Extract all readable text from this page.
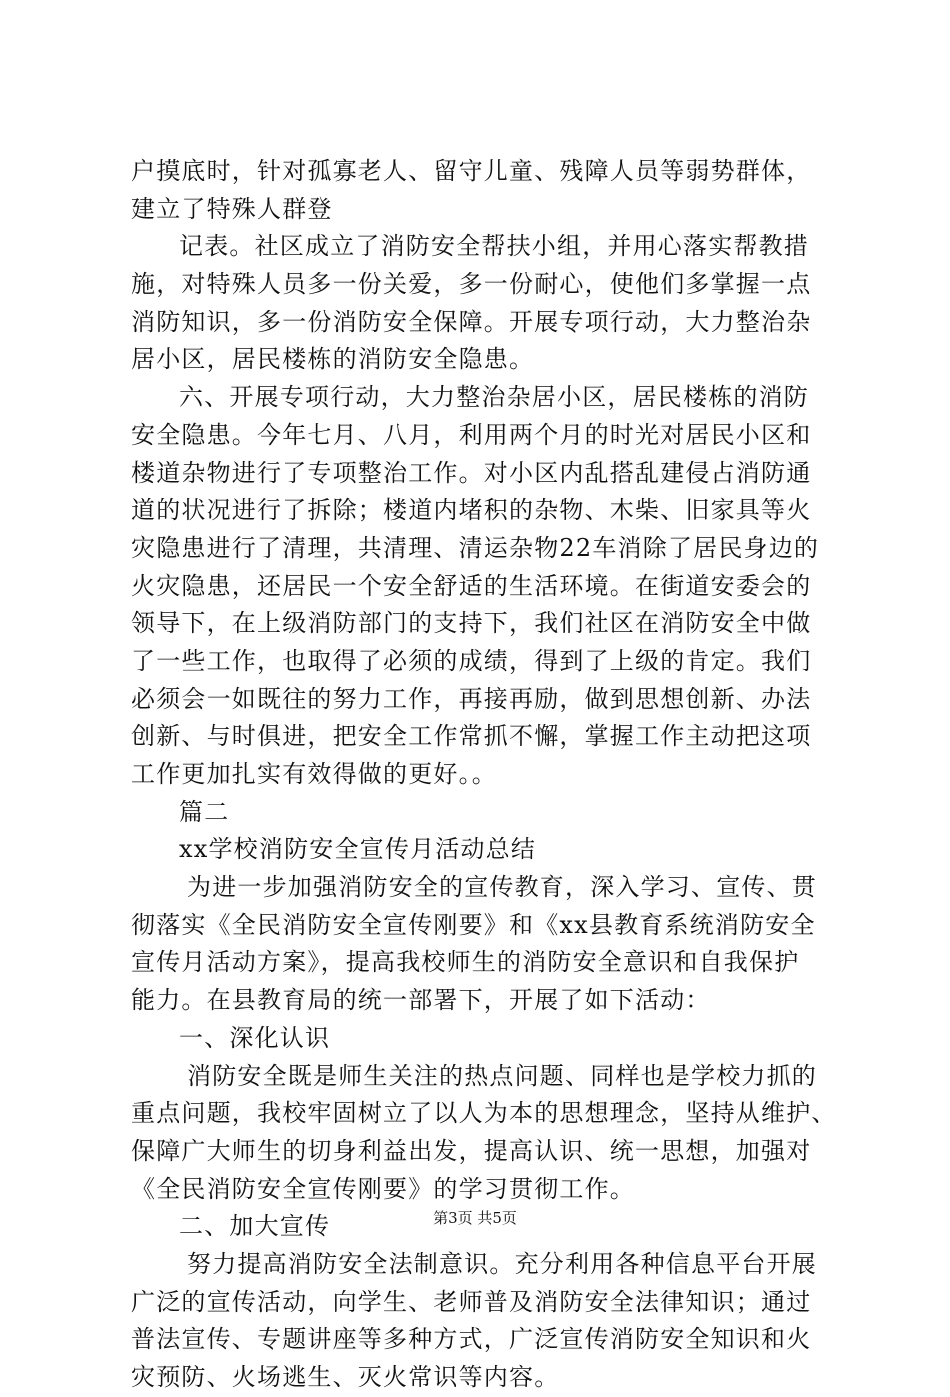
户摸底时，针对孤寡老人、留守儿童、残障人员等弱势群体，
建立了特殊人群登
记表。社区成立了消防安全帮扶小组，并用心落实帮教措
施，对特殊人员多一份关爱，多一份耐心，使他们多掌握一点
消防知识，多一份消防安全保障。开展专项行动，大力整治杂
居小区，居民楼栋的消防安全隐患。
六、开展专项行动，大力整治杂居小区，居民楼栋的消防
安全隐患。今年七月、八月，利用两个月的时光对居民小区和
楼道杂物进行了专项整治工作。对小区内乱搭乱建侵占消防通
道的状况进行了拆除；楼道内堵积的杂物、木柴、旧家具等火
灾隐患进行了清理，共清理、清运杂物22车消除了居民身边的
火灾隐患，还居民一个安全舒适的生活环境。在街道安委会的
领导下，在上级消防部门的支持下，我们社区在消防安全中做
了一些工作，也取得了必须的成绩，得到了上级的肯定。我们
必须会一如既往的努力工作，再接再励，做到思想创新、办法
创新、与时俱进，把安全工作常抓不懈，掌握工作主动把这项
工作更加扎实有效得做的更好。。
篇二
xx学校消防安全宣传月活动总结
为进一步加强消防安全的宣传教育，深入学习、宣传、贯
彻落实《全民消防安全宣传刚要》和《xx县教育系统消防安全
宣传月活动方案》，提高我校师生的消防安全意识和自我保护
能力。在县教育局的统一部署下，开展了如下活动：
一、深化认识
消防安全既是师生关注的热点问题、同样也是学校力抓的
重点问题，我校牢固树立了以人为本的思想理念，坚持从维护、
保障广大师生的切身利益出发，提高认识、统一思想，加强对
《全民消防安全宣传刚要》的学习贯彻工作。
二、加大宣传
努力提高消防安全法制意识。充分利用各种信息平台开展
广泛的宣传活动，向学生、老师普及消防安全法律知识；通过
普法宣传、专题讲座等多种方式，广泛宣传消防安全知识和火
灾预防、火场逃生、灭火常识等内容。
第3页 共5页
